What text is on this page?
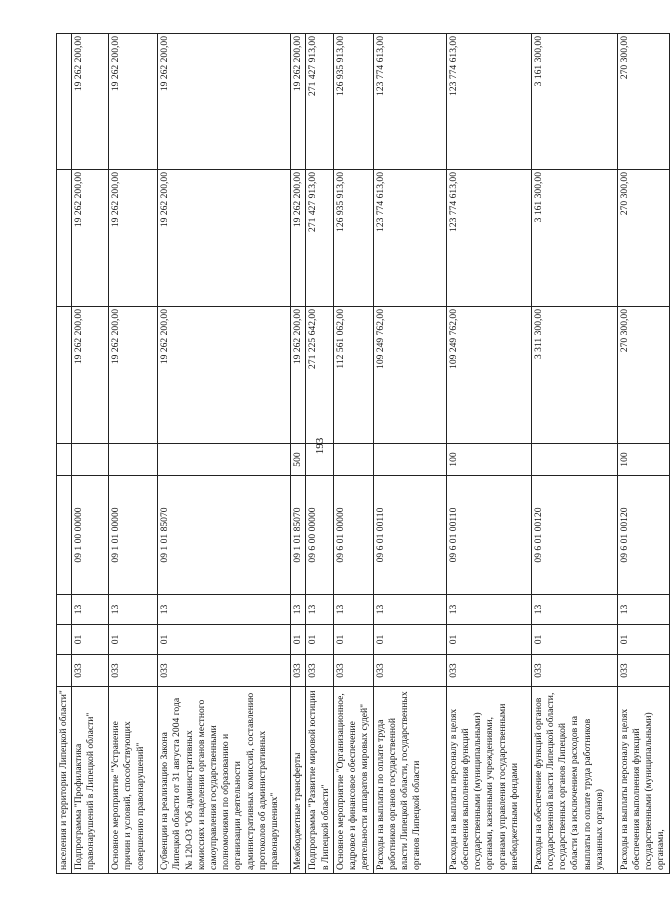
193
населения и территории Липецкой области"								
Подпрограмма "Профилактика правонарушений в Липецкой области"	033	01	13	09 1 00 00000		19 262 200,00	19 262 200,00	19 262 200,00
Основное мероприятие "Устранение причин и условий, способствующих совершению правонарушений"	033	01	13	09 1 01 00000		19 262 200,00	19 262 200,00	19 262 200,00
Субвенции на реализацию Закона Липецкой области от 31 августа 2004 года № 120-ОЗ "Об административных комиссиях и наделении органов местного самоуправления государственными полномочиями по образованию и организации деятельности административных комиссий, составлению протоколов об административных правонарушениях"	033	01	13	09 1 01 85070		19 262 200,00	19 262 200,00	19 262 200,00
Межбюджетные трансферты	033	01	13	09 1 01 85070	500	19 262 200,00	19 262 200,00	19 262 200,00
Подпрограмма "Развитие мировой юстиции в Липецкой области"	033	01	13	09 6 00 00000		271 225 642,00	271 427 913,00	271 427 913,00
Основное мероприятие "Организационное, кадровое и финансовое обеспечение деятельности аппаратов мировых судей"	033	01	13	09 6 01 00000		112 561 062,00	126 935 913,00	126 935 913,00
Расходы на выплаты по оплате труда работников органов государственной власти Липецкой области, государственных органов Липецкой области	033	01	13	09 6 01 00110		109 249 762,00	123 774 613,00	123 774 613,00
Расходы на выплаты персоналу в целях обеспечения выполнения функций государственными (муниципальными) органами, казенными учреждениями, органами управления государственными внебюджетными фондами	033	01	13	09 6 01 00110	100	109 249 762,00	123 774 613,00	123 774 613,00
Расходы на обеспечение функций органов государственной власти Липецкой области, государственных органов Липецкой области (за исключением расходов на выплаты по оплате труда работников указанных органов)	033	01	13	09 6 01 00120		3 311 300,00	3 161 300,00	3 161 300,00
Расходы на выплаты персоналу в целях обеспечения выполнения функций государственными (муниципальными) органами,	033	01	13	09 6 01 00120	100	270 300,00	270 300,00	270 300,00
